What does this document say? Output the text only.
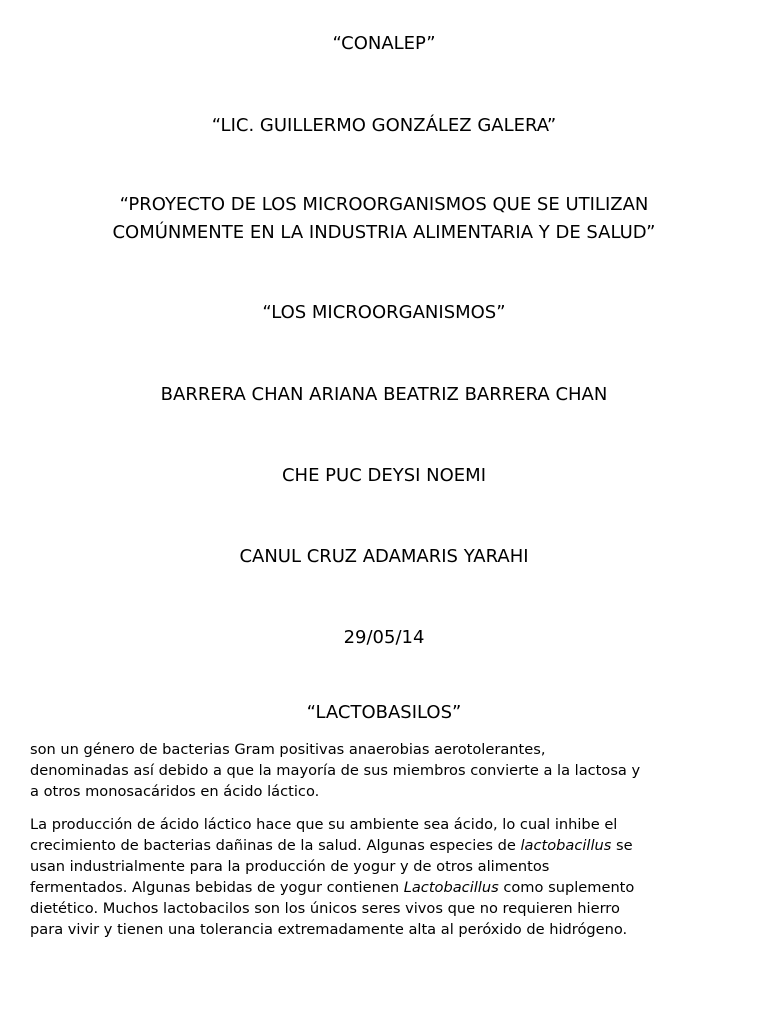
“CONALEP”
“LIC. GUILLERMO GONZÁLEZ GALERA”
“PROYECTO DE LOS MICROORGANISMOS QUE SE UTILIZAN
COMÚNMENTE EN LA INDUSTRIA ALIMENTARIA Y DE SALUD”
“LOS MICROORGANISMOS”
BARRERA CHAN ARIANA BEATRIZ BARRERA CHAN
CHE PUC DEYSI NOEMI
CANUL CRUZ ADAMARIS YARAHI
29/05/14
“LACTOBASILOS”
son un género de bacterias Gram positivas anaerobias aerotolerantes,
denominadas así debido a que la mayoría de sus miembros convierte a la lactosa y
a otros monosacáridos en ácido láctico.
La producción de ácido láctico hace que su ambiente sea ácido, lo cual inhibe el
crecimiento de bacterias dañinas de la salud. Algunas especies de lactobacillus se
usan industrialmente para la producción de yogur y de otros alimentos
fermentados. Algunas bebidas de yogur contienen Lactobacillus como suplemento
dietético. Muchos lactobacilos son los únicos seres vivos que no requieren hierro
para vivir y tienen una tolerancia extremadamente alta al peróxido de hidrógeno.
